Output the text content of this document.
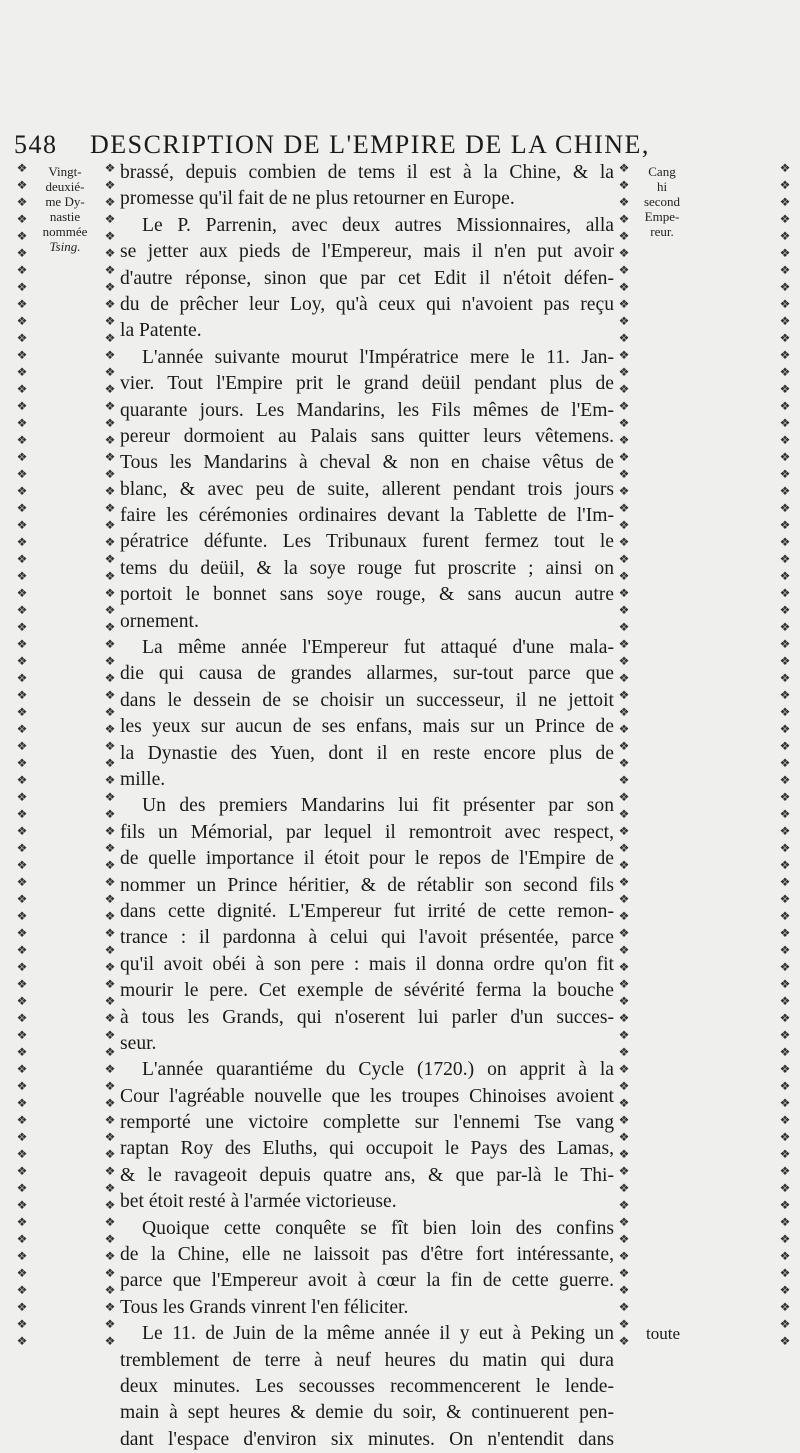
548 DESCRIPTION DE L'EMPIRE DE LA CHINE,
❖❖❖❖❖❖❖❖❖❖❖❖❖❖❖❖❖❖❖❖❖❖❖❖❖❖❖❖❖❖❖❖❖❖❖❖❖❖❖❖❖❖❖❖❖❖❖❖❖❖❖❖❖❖❖❖❖❖❖❖❖❖❖❖❖❖❖❖❖❖
❖❖❖❖❖❖❖❖❖❖❖❖❖❖❖❖❖❖❖❖❖❖❖❖❖❖❖❖❖❖❖❖❖❖❖❖❖❖❖❖❖❖❖❖❖❖❖❖❖❖❖❖❖❖❖❖❖❖❖❖❖❖❖❖❖❖❖❖❖❖
❖❖❖❖❖❖❖❖❖❖❖❖❖❖❖❖❖❖❖❖❖❖❖❖❖❖❖❖❖❖❖❖❖❖❖❖❖❖❖❖❖❖❖❖❖❖❖❖❖❖❖❖❖❖❖❖❖❖❖❖❖❖❖❖❖❖❖❖❖❖
❖❖❖❖❖❖❖❖❖❖❖❖❖❖❖❖❖❖❖❖❖❖❖❖❖❖❖❖❖❖❖❖❖❖❖❖❖❖❖❖❖❖❖❖❖❖❖❖❖❖❖❖❖❖❖❖❖❖❖❖❖❖❖❖❖❖❖❖❖❖
Vingt-
deuxié-
me Dy-
nastie
nommée
Tsing.
Cang
hi
second
Empe-
reur.
brassé, depuis combien de tems il est à la Chine, & la
promesse qu'il fait de ne plus retourner en Europe.
Le P. Parrenin, avec deux autres Missionnaires, alla
se jetter aux pieds de l'Empereur, mais il n'en put avoir
d'autre réponse, sinon que par cet Edit il n'étoit défen-
du de prêcher leur Loy, qu'à ceux qui n'avoient pas reçu
la Patente.
L'année suivante mourut l'Impératrice mere le 11. Jan-
vier. Tout l'Empire prit le grand deüil pendant plus de
quarante jours. Les Mandarins, les Fils mêmes de l'Em-
pereur dormoient au Palais sans quitter leurs vêtemens.
Tous les Mandarins à cheval & non en chaise vêtus de
blanc, & avec peu de suite, allerent pendant trois jours
faire les cérémonies ordinaires devant la Tablette de l'Im-
pératrice défunte. Les Tribunaux furent fermez tout le
tems du deüil, & la soye rouge fut proscrite ; ainsi on
portoit le bonnet sans soye rouge, & sans aucun autre
ornement.
La même année l'Empereur fut attaqué d'une mala-
die qui causa de grandes allarmes, sur-tout parce que
dans le dessein de se choisir un successeur, il ne jettoit
les yeux sur aucun de ses enfans, mais sur un Prince de
la Dynastie des Yuen, dont il en reste encore plus de
mille.
Un des premiers Mandarins lui fit présenter par son
fils un Mémorial, par lequel il remontroit avec respect,
de quelle importance il étoit pour le repos de l'Empire de
nommer un Prince héritier, & de rétablir son second fils
dans cette dignité. L'Empereur fut irrité de cette remon-
trance : il pardonna à celui qui l'avoit présentée, parce
qu'il avoit obéi à son pere : mais il donna ordre qu'on fit
mourir le pere. Cet exemple de sévérité ferma la bouche
à tous les Grands, qui n'oserent lui parler d'un succes-
seur.
L'année quarantiéme du Cycle (1720.) on apprit à la
Cour l'agréable nouvelle que les troupes Chinoises avoient
remporté une victoire complette sur l'ennemi Tse vang
raptan Roy des Eluths, qui occupoit le Pays des Lamas,
& le ravageoit depuis quatre ans, & que par-là le Thi-
bet étoit resté à l'armée victorieuse.
Quoique cette conquête se fît bien loin des confins
de la Chine, elle ne laissoit pas d'être fort intéressante,
parce que l'Empereur avoit à cœur la fin de cette guerre.
Tous les Grands vinrent l'en féliciter.
Le 11. de Juin de la même année il y eut à Peking un
tremblement de terre à neuf heures du matin qui dura
deux minutes. Les secousses recommencerent le lende-
main à sept heures & demie du soir, & continuerent pen-
dant l'espace d'environ six minutes. On n'entendit dans
toute
